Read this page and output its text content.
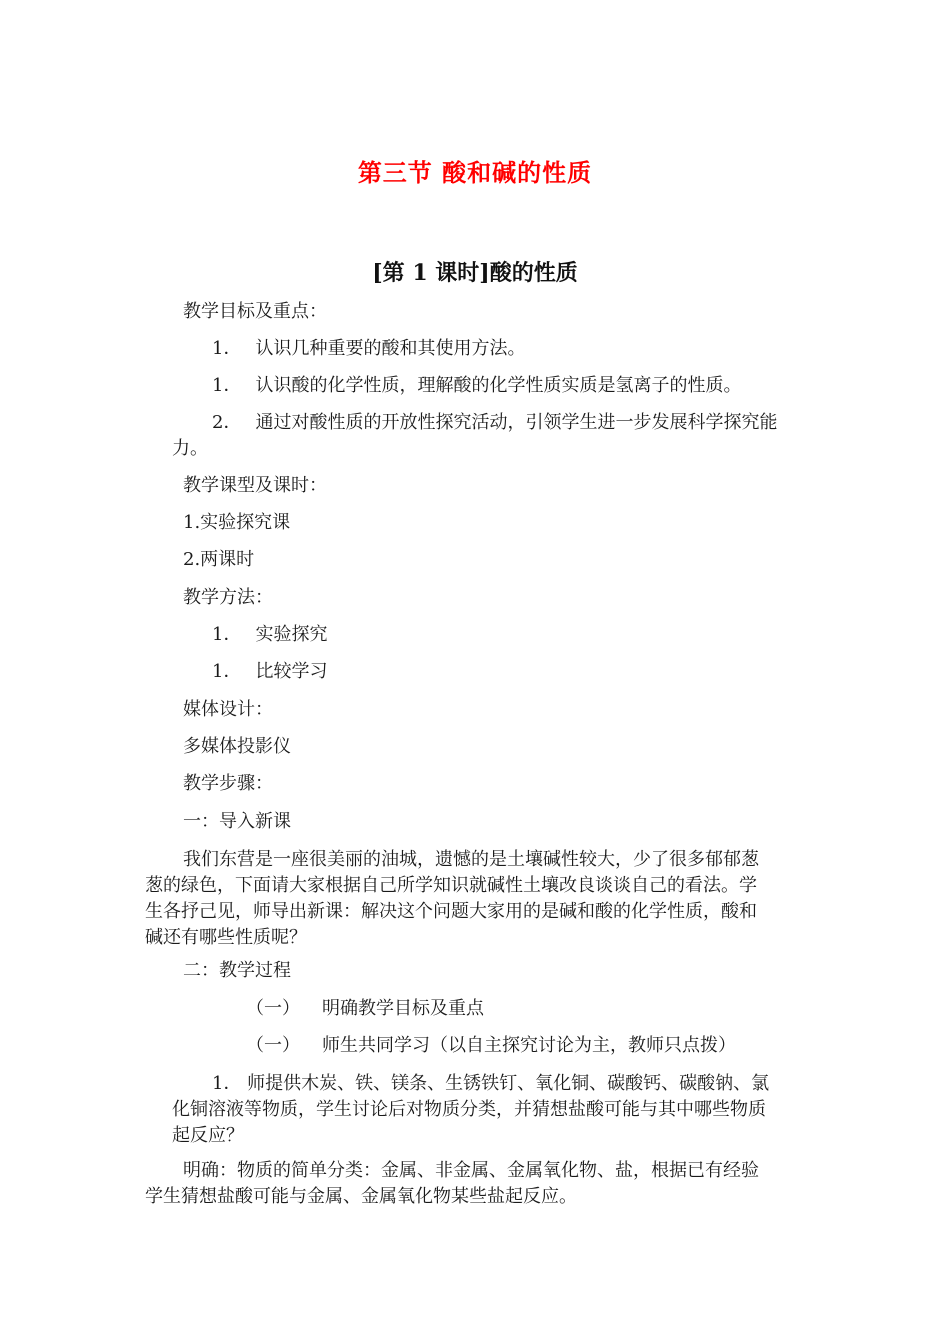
第三节 酸和碱的性质
[第 1 课时]酸的性质
教学目标及重点：
1． 认识几种重要的酸和其使用方法。
1． 认识酸的化学性质，理解酸的化学性质实质是氢离子的性质。
2． 通过对酸性质的开放性探究活动，引领学生进一步发展科学探究能
力。
教学课型及课时：
1.实验探究课
2.两课时
教学方法：
1． 实验探究
1． 比较学习
媒体设计：
多媒体投影仪
教学步骤：
一：导入新课
我们东营是一座很美丽的油城，遗憾的是土壤碱性较大，少了很多郁郁葱
葱的绿色，下面请大家根据自己所学知识就碱性土壤改良谈谈自己的看法。学
生各抒己见，师导出新课：解决这个问题大家用的是碱和酸的化学性质，酸和
碱还有哪些性质呢？
二：教学过程
（一） 明确教学目标及重点
（一） 师生共同学习（以自主探究讨论为主，教师只点拨）
1． 师提供木炭、铁、镁条、生锈铁钉、氧化铜、碳酸钙、碳酸钠、氯
化铜溶液等物质，学生讨论后对物质分类，并猜想盐酸可能与其中哪些物质
起反应？
明确：物质的简单分类：金属、非金属、金属氧化物、盐，根据已有经验
学生猜想盐酸可能与金属、金属氧化物某些盐起反应。
